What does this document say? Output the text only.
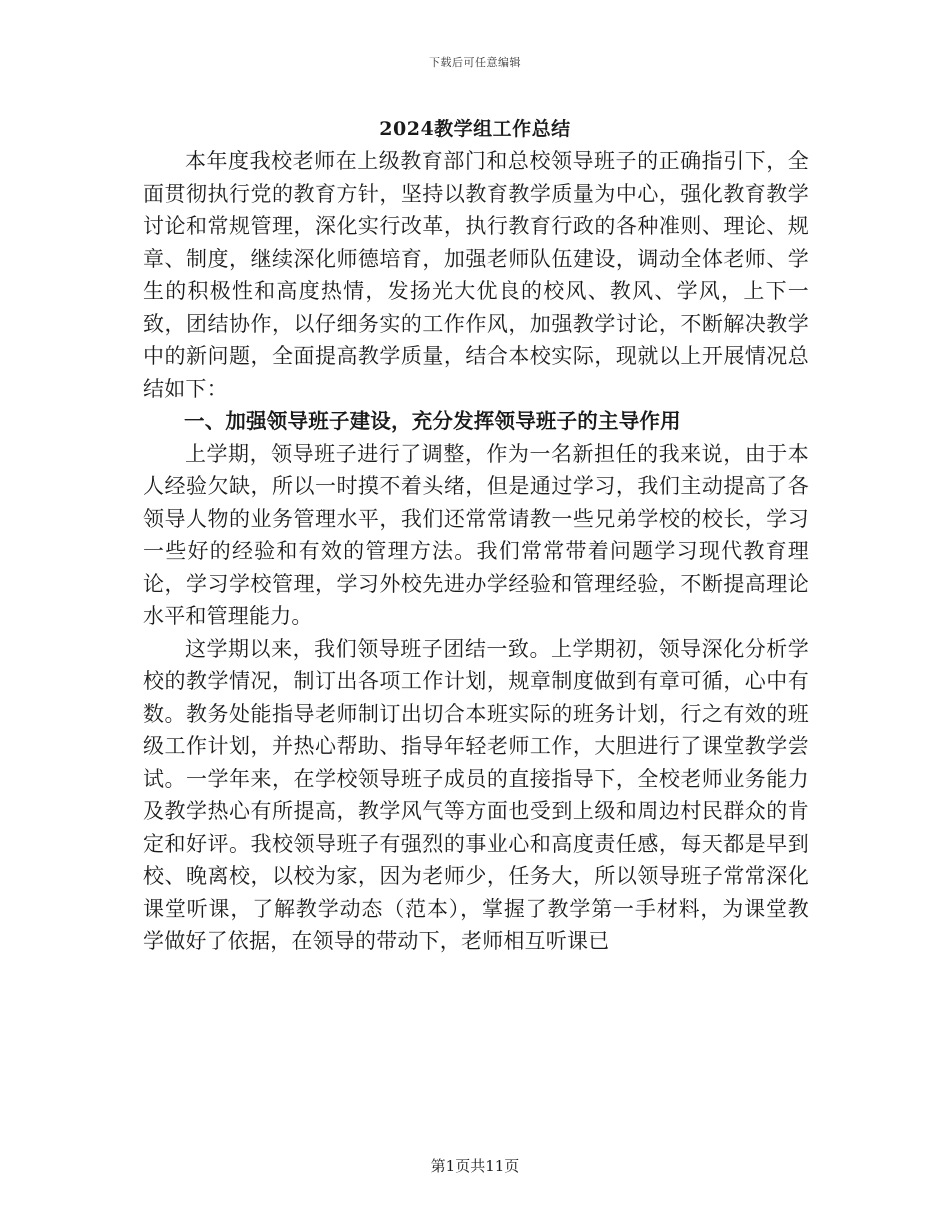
下载后可任意编辑
2024教学组工作总结

本年度我校老师在上级教育部门和总校领导班子的正确指引下，全面贯彻执行党的教育方针，坚持以教育教学质量为中心，强化教育教学讨论和常规管理，深化实行改革，执行教育行政的各种准则、理论、规章、制度，继续深化师德培育，加强老师队伍建设，调动全体老师、学生的积极性和高度热情，发扬光大优良的校风、教风、学风，上下一致，团结协作，以仔细务实的工作作风，加强教学讨论，不断解决教学中的新问题，全面提高教学质量，结合本校实际，现就以上开展情况总结如下：

一、加强领导班子建设，充分发挥领导班子的主导作用

上学期，领导班子进行了调整，作为一名新担任的我来说，由于本人经验欠缺，所以一时摸不着头绪，但是通过学习，我们主动提高了各领导人物的业务管理水平，我们还常常请教一些兄弟学校的校长，学习一些好的经验和有效的管理方法。我们常常带着问题学习现代教育理论，学习学校管理，学习外校先进办学经验和管理经验，不断提高理论水平和管理能力。

这学期以来，我们领导班子团结一致。上学期初，领导深化分析学校的教学情况，制订出各项工作计划，规章制度做到有章可循，心中有数。教务处能指导老师制订出切合本班实际的班务计划，行之有效的班级工作计划，并热心帮助、指导年轻老师工作，大胆进行了课堂教学尝试。一学年来，在学校领导班子成员的直接指导下，全校老师业务能力及教学热心有所提高，教学风气等方面也受到上级和周边村民群众的肯定和好评。我校领导班子有强烈的事业心和高度责任感，每天都是早到校、晚离校，以校为家，因为老师少，任务大，所以领导班子常常深化课堂听课，了解教学动态（范本），掌握了教学第一手材料，为课堂教学做好了依据，在领导的带动下，老师相互听课已

第1页共11页
